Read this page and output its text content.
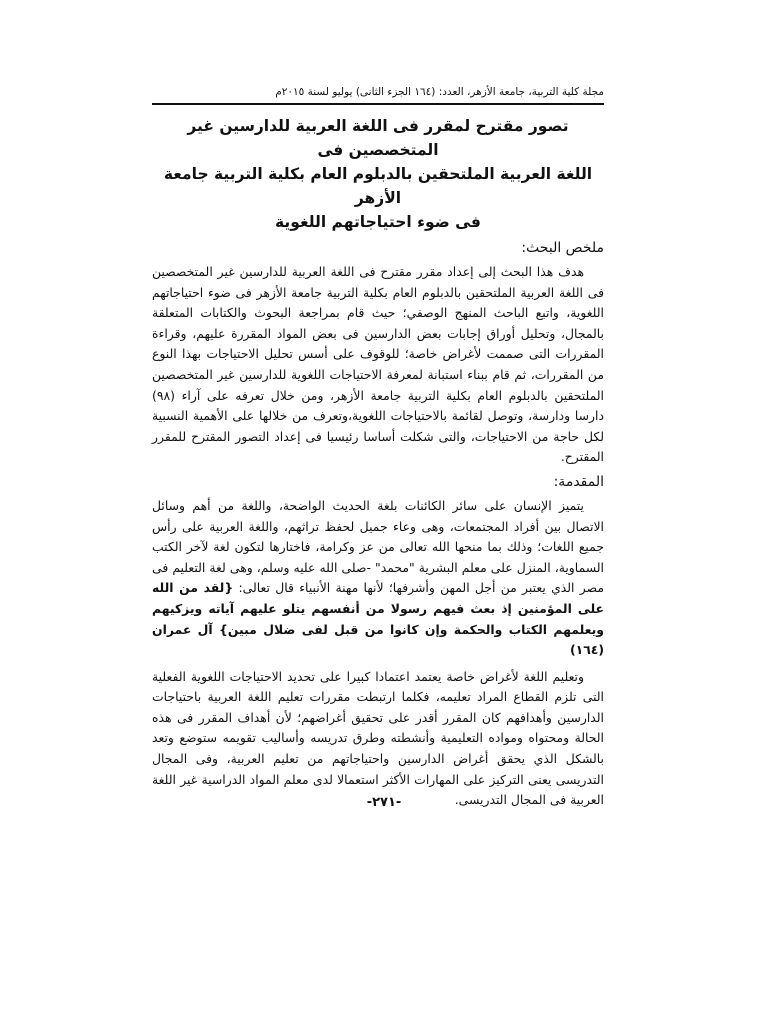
مجلة كلية التربية، جامعة الأزهر، العدد: (١٦٤ الجزء الثانى) يوليو لسنة ٢٠١٥م
تصور مقترح لمقرر فى اللغة العربية للدارسين غير المتخصصين فى
اللغة العربية الملتحقين بالدبلوم العام بكلية التربية جامعة الأزهر
فى ضوء احتياجاتهم اللغوية
ملخص البحث:

هدف هذا البحث إلى إعداد مقرر مقترح فى اللغة العربية للدارسين غير المتخصصين فى اللغة العربية الملتحقين بالدبلوم العام بكلية التربية جامعة الأزهر فى ضوء احتياجاتهم اللغوية، واتبع الباحث المنهج الوصفي؛ حيث قام بمراجعة البحوث والكتابات المتعلقة بالمجال، وتحليل أوراق إجابات بعض الدارسين فى بعض المواد المقررة عليهم، وقراءة المقررات التى صممت لأغراض خاصة؛ للوقوف على أسس تحليل الاحتياجات بهذا النوع من المقررات، ثم قام ببناء استبانة لمعرفة الاحتياجات اللغوية للدارسين غير المتخصصين الملتحقين بالدبلوم العام بكلية التربية جامعة الأزهر، ومن خلال تعرفه على آراء (٩٨) دارسا ودارسة، وتوصل لقائمة بالاحتياجات اللغوية،وتعرف من خلالها على الأهمية النسبية لكل حاجة من الاحتياجات، والتى شكلت أساسا رئيسيا فى إعداد التصور المقترح للمقرر المقترح.

المقدمة:

يتميز الإنسان على سائر الكائنات بلغة الحديث الواضحة، واللغة من أهم وسائل الاتصال بين أفراد المجتمعات، وهى وعاء جميل لحفظ تراثهم، واللغة العربية على رأس جميع اللغات؛ وذلك بما منحها الله تعالى من عز وكرامة، فاختارها لتكون لغة لآخر الكتب السماوية، المنزل على معلم البشرية "محمد" -صلى الله عليه وسلم، وهى لغة التعليم فى مصر الذي يعتبر من أجل المهن وأشرفها؛ لأنها مهنة الأنبياء قال تعالى: {لقد من الله على المؤمنين إذ بعث فيهم رسولا من أنفسهم يتلو عليهم آياته ويزكيهم ويعلمهم الكتاب والحكمة وإن كانوا من قبل لفى ضلال مبين} آل عمران (١٦٤)

وتعليم اللغة لأغراض خاصة يعتمد اعتمادا كبيرا على تحديد الاحتياجات اللغوية الفعلية التى تلزم القطاع المراد تعليمه، فكلما ارتبطت مقررات تعليم اللغة العربية باحتياجات الدارسين وأهدافهم كان المقرر أقدر على تحقيق أغراضهم؛ لأن أهداف المقرر فى هذه الحالة ومحتواه ومواده التعليمية وأنشطته وطرق تدريسه وأساليب تقويمه ستوضع وتعد بالشكل الذي يحقق أغراض الدارسين واحتياجاتهم من تعليم العربية، وفى المجال التدريسى يعنى التركيز على المهارات الأكثر استعمالا لدى معلم المواد الدراسية غير اللغة العربية فى المجال التدريسى.

-٢٧١-
